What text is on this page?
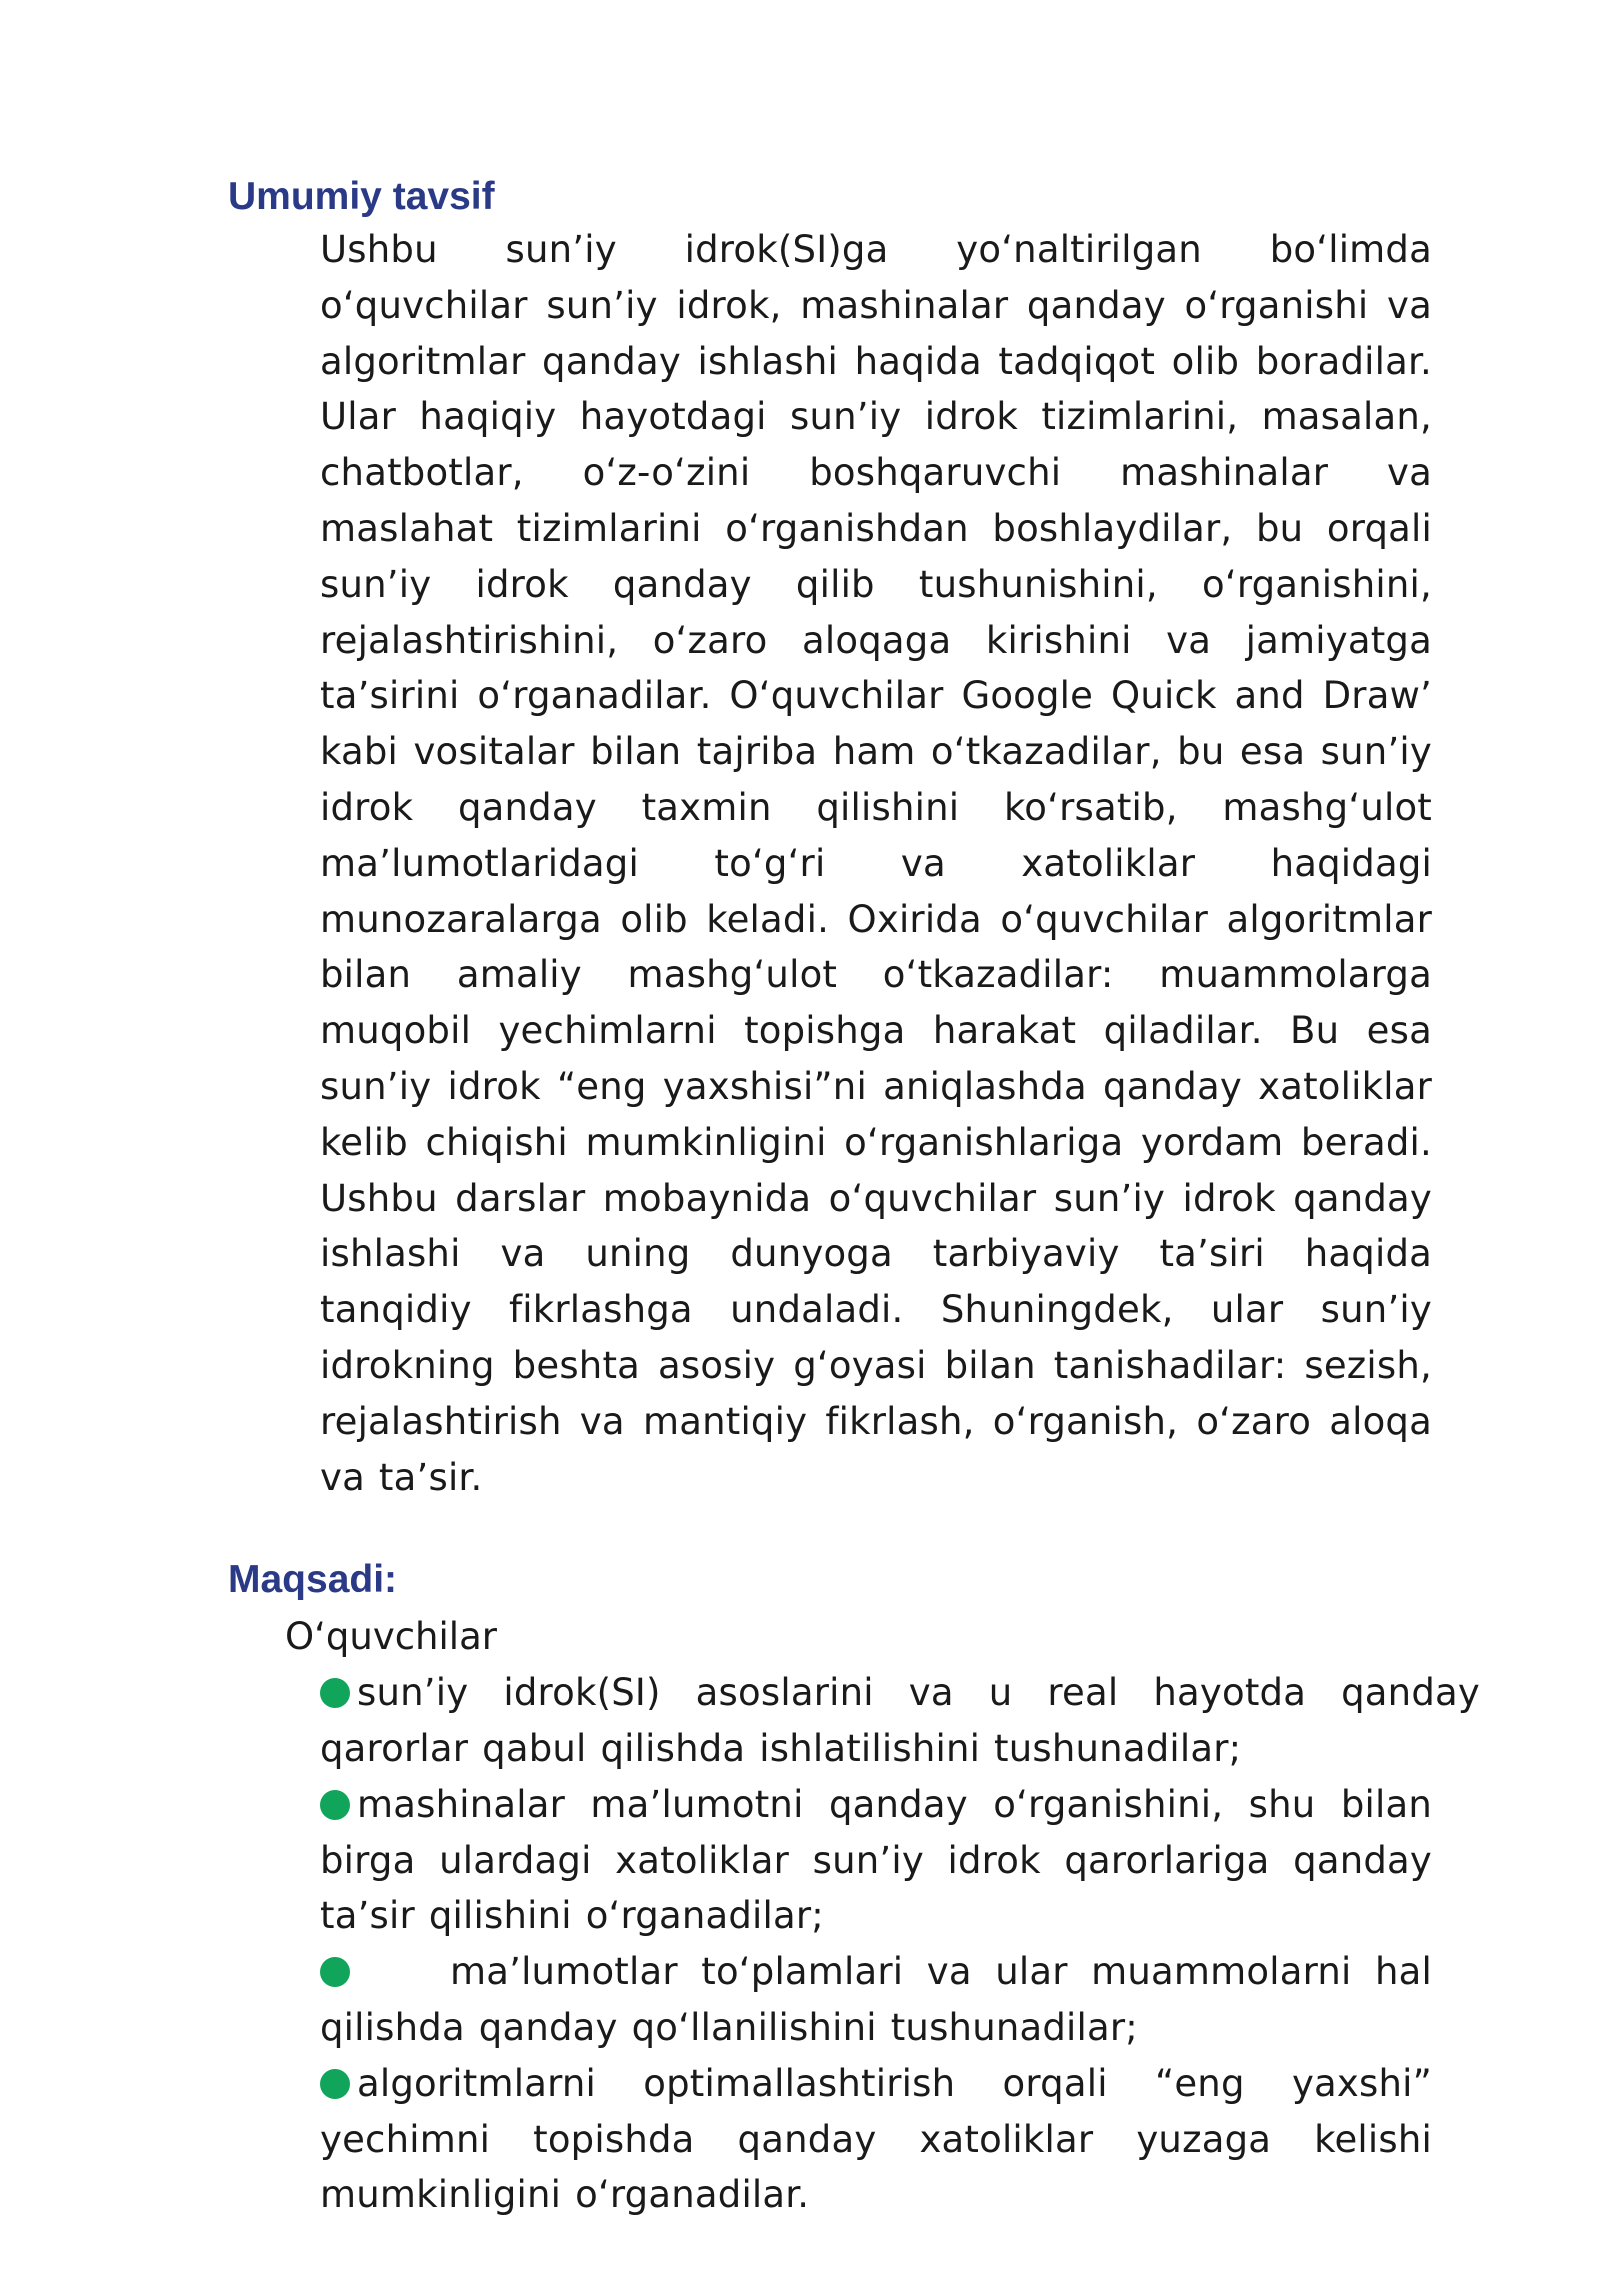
Umumiy tavsif

Ushbu sun’iy idrok(SI)ga yo‘naltirilgan bo‘limda o‘quvchilar sun’iy idrok, mashinalar qanday o‘rganishi va algoritmlar qanday ishlashi haqida tadqiqot olib boradilar. Ular haqiqiy hayotdagi sun’iy idrok tizimlarini, masalan, chatbotlar, o‘z-o‘zini boshqaruvchi mashinalar va maslahat tizimlarini o‘rganishdan boshlaydilar, bu orqali sun’iy idrok qanday qilib tushunishini, o‘rganishini, rejalashtirishini, o‘zaro aloqaga kirishini va jamiyatga ta’sirini o‘rganadilar. O‘quvchilar Google Quick and Draw’ kabi vositalar bilan tajriba ham o‘tkazadilar, bu esa sun’iy idrok qanday taxmin qilishini ko‘rsatib, mashg‘ulot ma’lumotlaridagi to‘g‘ri va xatoliklar haqidagi munozaralarga olib keladi. Oxirida o‘quvchilar algoritmlar bilan amaliy mashg‘ulot o‘tkazadilar: muammolarga muqobil yechimlarni topishga harakat qiladilar. Bu esa sun’iy idrok “eng yaxshisi”ni aniqlashda qanday xatoliklar kelib chiqishi mumkinligini o‘rganishlariga yordam beradi. Ushbu darslar mobaynida o‘quvchilar sun’iy idrok qanday ishlashi va uning dunyoga tarbiyaviy ta’siri haqida tanqidiy fikrlashga undaladi. Shuningdek, ular sun’iy idrokning beshta asosiy g‘oyasi bilan tanishadilar: sezish, rejalashtirish va mantiqiy fikrlash, o‘rganish, o‘zaro aloqa va ta’sir.

Maqsadi:
O‘quvchilar
sun’iy idrok(SI) asoslarini va u real hayotda qanday qarorlar qabul qilishda ishlatilishini tushunadilar;
mashinalar ma’lumotni qanday o‘rganishini, shu bilan birga ulardagi xatoliklar sun’iy idrok qarorlariga qanday ta’sir qilishini o‘rganadilar;
ma’lumotlar to‘plamlari va ular muammolarni hal qilishda qanday qo‘llanilishini tushunadilar;
algoritmlarni optimallashtirish orqali “eng yaxshi” yechimni topishda qanday xatoliklar yuzaga kelishi mumkinligini o‘rganadilar.
